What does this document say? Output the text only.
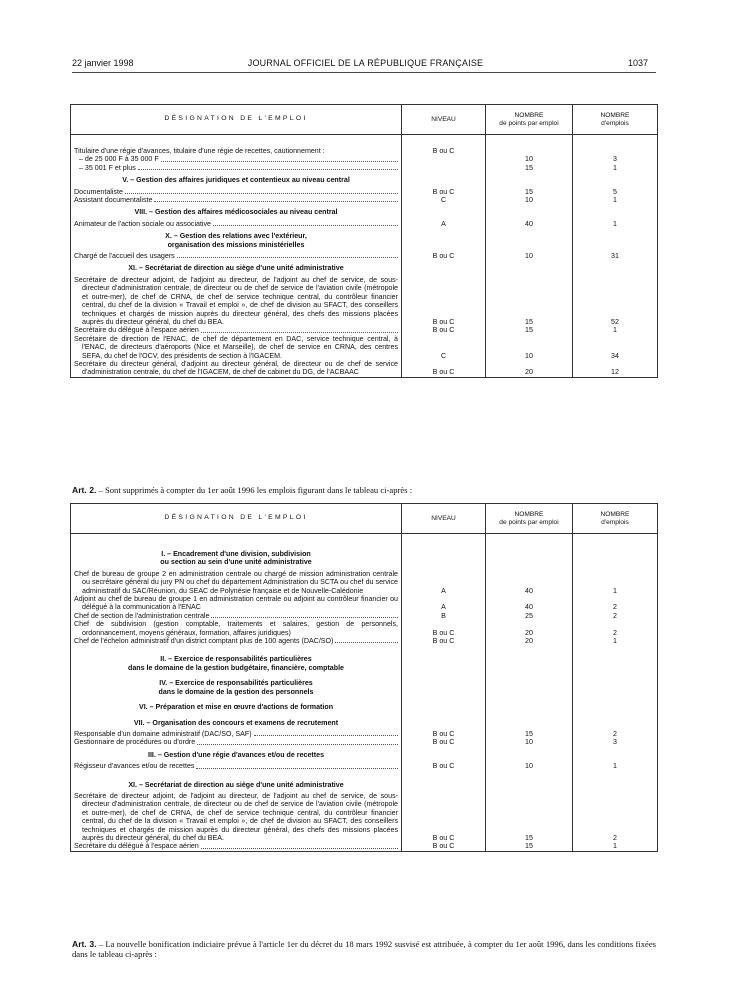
22 janvier 1998	JOURNAL OFFICIEL DE LA RÉPUBLIQUE FRANÇAISE	1037
DÉSIGNATION DE L'EMPLOI	NIVEAU	NOMBRE
de points par emploi	NOMBRE
d'emplois

Titulaire d'une régie d'avances, titulaire d'une régie de recettes, cautionnement :	B ou C		

– de 25 000 F à 35 000 F		10	3

– 35 001 F et plus		15	1
V. – Gestion des affaires juridiques et contentieux au niveau central			

Documentaliste	B ou C	15	5

Assistant documentaliste	C	10	1
VIII. – Gestion des affaires médicosociales au niveau central			

Animateur de l'action sociale ou associative	A	40	1
X. – Gestion des relations avec l'extérieur,
organisation des missions ministérielles			

Chargé de l'accueil des usagers	B ou C	10	31
XI. – Secrétariat de direction au siège d'une unité administrative			
Secrétaire de directeur adjoint, de l'adjoint au directeur, de l'adjoint au chef de service, de sous-directeur d'administration centrale, de directeur ou de chef de service de l'aviation civile (métropole et outre-mer), de chef de CRNA, de chef de service technique central, du contrôleur financier central, du chef de la division « Travail et emploi », de chef de division au SFACT, des conseillers techniques et chargés de mission auprès du directeur général, des chefs des missions placées auprès du directeur général, du chef du BEA.	B ou C	15	52

Secrétaire du délégué à l'espace aérien	B ou C	15	1
Secrétaire de direction de l'ENAC, de chef de département en DAC, service technique central, à l'ENAC, de directeurs d'aéroports (Nice et Marseille), de chef de service en CRNA, des centres SEFA, du chef de l'OCV, des présidents de section à l'IGACEM.	C	10	34
Secrétaire du directeur général, d'adjoint au directeur général, de directeur ou de chef de service d'administration centrale, du chef de l'IGACEM, de chef de cabinet du DG, de l'ACBAAC	B ou C	20	12
Art. 2. – Sont supprimés à compter du 1er août 1996 les emplois figurant dans le tableau ci-après :
DÉSIGNATION DE L'EMPLOI	NIVEAU	NOMBRE
de points par emploi	NOMBRE
d'emplois

I. – Encadrement d'une division, subdivision
ou section au sein d'une unité administrative			
Chef de bureau de groupe 2 en administration centrale ou chargé de mission administration centrale ou secrétaire général du jury PN ou chef du département Administration du SCTA ou chef du service administratif du SAC/Réunion, du SEAC de Polynésie française et de Nouvelle-Calédonie	A	40	1
Adjoint au chef de bureau de groupe 1 en administration centrale ou adjoint au contrôleur financier ou délégué à la communication à l'ENAC	A	40	2

Chef de section de l'administration centrale	B	25	2
Chef de subdivision (gestion comptable, traitements et salaires, gestion de personnels, ordonnancement, moyens généraux, formation, affaires juridiques)	B ou C	20	2

Chef de l'échelon administratif d'un district comptant plus de 100 agents (DAC/SO)	B ou C	20	1

II. – Exercice de responsabilités particulières
dans le domaine de la gestion budgétaire, financière, comptable			
IV. – Exercice de responsabilités particulières
dans le domaine de la gestion des personnels			
VI. – Préparation et mise en œuvre d'actions de formation			
VII. – Organisation des concours et examens de recrutement			

Responsable d'un domaine administratif (DAC/SO, SAF)	B ou C	15	2

Gestionnaire de procédures ou d'ordre	B ou C	10	3
III. – Gestion d'une régie d'avances et/ou de recettes			

Régisseur d'avances et/ou de recettes	B ou C	10	1

XI. – Secrétariat de direction au siège d'une unité administrative			
Secrétaire de directeur adjoint, de l'adjoint au directeur, de l'adjoint au chef de service, de sous-directeur d'administration centrale, de directeur ou de chef de service de l'aviation civile (métropole et outre-mer), de chef de CRNA, de chef de service technique central, du contrôleur financier central, du chef de la division « Travail et emploi », de chef de division au SFACT, des conseillers techniques et chargés de mission auprès du directeur général, des chefs des missions placées auprès du directeur général, du chef du BEA.	B ou C	15	2

Secrétaire du délégué à l'espace aérien	B ou C	15	1
Art. 3. – La nouvelle bonification indiciaire prévue à l'article 1er du décret du 18 mars 1992 susvisé est attribuée, à compter du 1er août 1996, dans les conditions fixées dans le tableau ci-après :
